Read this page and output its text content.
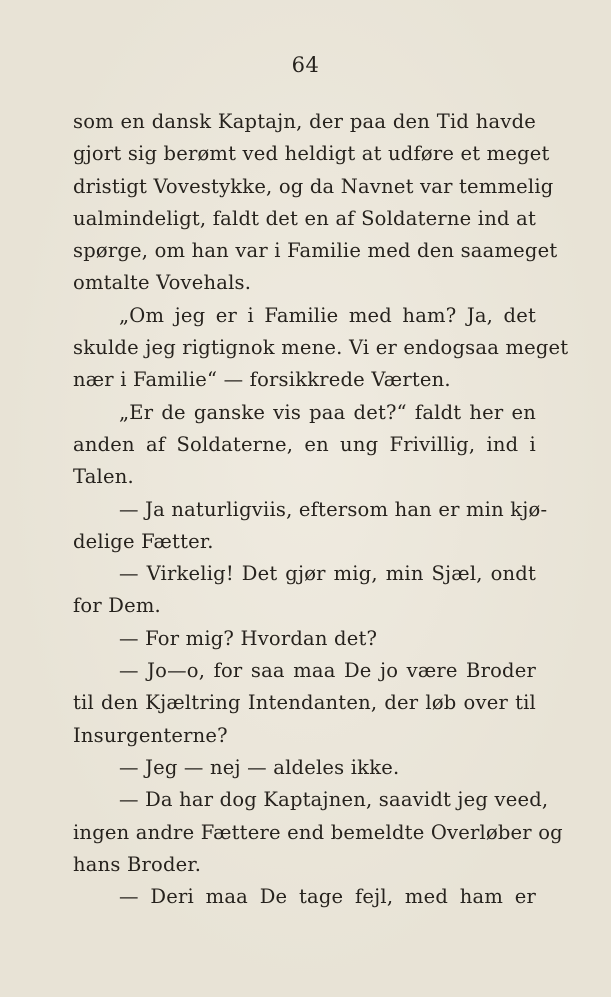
64
som en dansk Kaptajn, der paa den Tid havde
gjort sig berømt ved heldigt at udføre et meget
dristigt Vovestykke, og da Navnet var temmelig
ualmindeligt, faldt det en af Soldaterne ind at
spørge, om han var i Familie med den saameget
omtalte Vovehals.
„Om jeg er i Familie med ham? Ja, det
skulde jeg rigtignok mene. Vi er endogsaa meget
nær i Familie“ — forsikkrede Værten.
„Er de ganske vis paa det?“ faldt her en
anden af Soldaterne, en ung Frivillig, ind i
Talen.
— Ja naturligviis, eftersom han er min kjø-
delige Fætter.
— Virkelig! Det gjør mig, min Sjæl, ondt
for Dem.
— For mig? Hvordan det?
— Jo—o, for saa maa De jo være Broder
til den Kjæltring Intendanten, der løb over til
Insurgenterne?
— Jeg — nej — aldeles ikke.
— Da har dog Kaptajnen, saavidt jeg veed,
ingen andre Fættere end bemeldte Overløber og
hans Broder.
— Deri maa De tage fejl, med ham er
